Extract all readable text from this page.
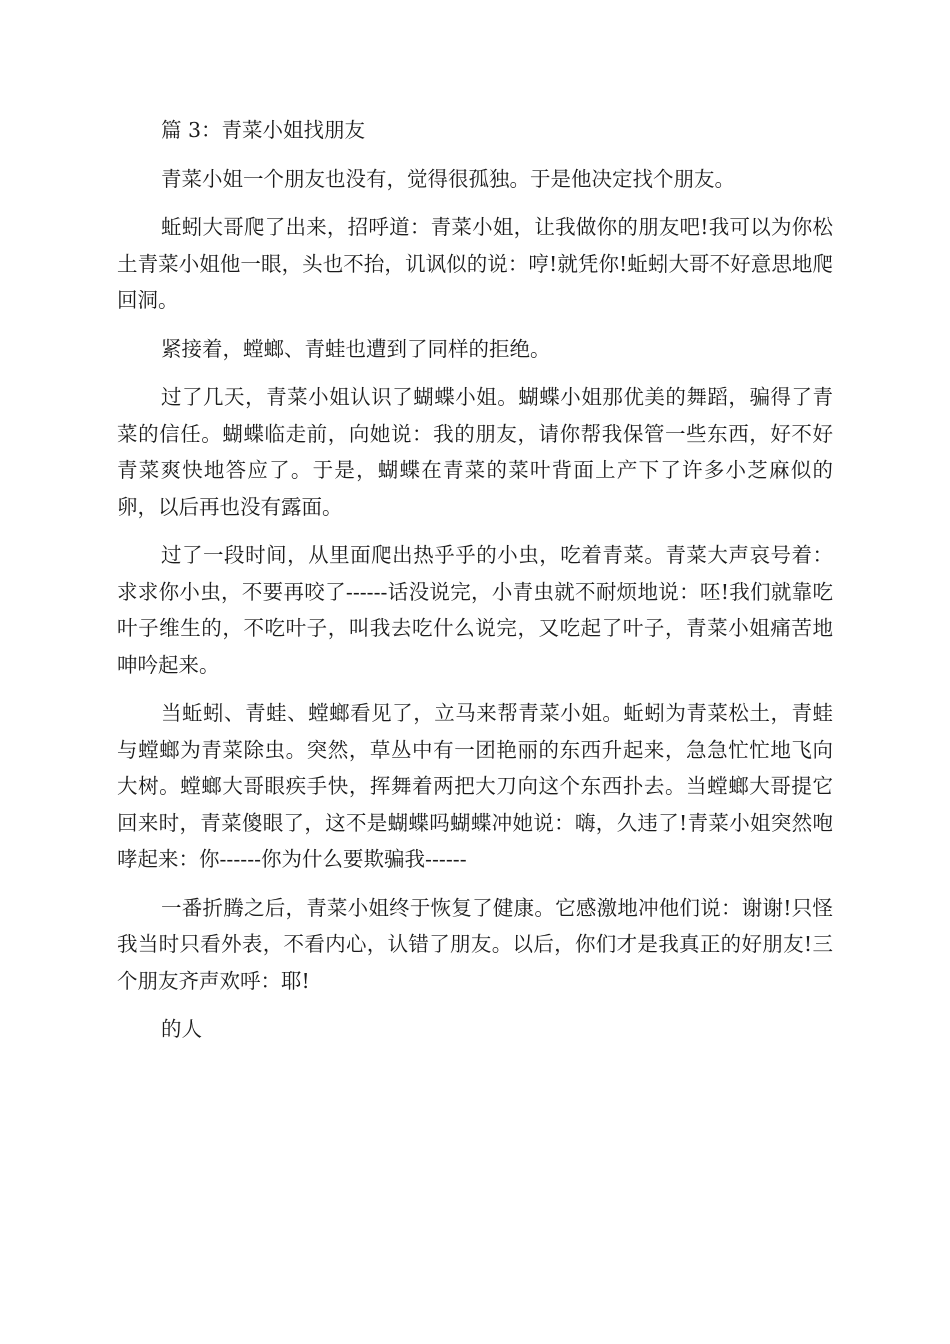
篇 3：青菜小姐找朋友

青菜小姐一个朋友也没有，觉得很孤独。于是他决定找个朋友。

蚯蚓大哥爬了出来，招呼道：青菜小姐，让我做你的朋友吧!我可以为你松土青菜小姐他一眼，头也不抬，讥讽似的说：哼!就凭你!蚯蚓大哥不好意思地爬回洞。

紧接着，螳螂、青蛙也遭到了同样的拒绝。

过了几天，青菜小姐认识了蝴蝶小姐。蝴蝶小姐那优美的舞蹈，骗得了青菜的信任。蝴蝶临走前，向她说：我的朋友，请你帮我保管一些东西，好不好青菜爽快地答应了。于是，蝴蝶在青菜的菜叶背面上产下了许多小芝麻似的卵，以后再也没有露面。

过了一段时间，从里面爬出热乎乎的小虫，吃着青菜。青菜大声哀号着：求求你小虫，不要再咬了------话没说完，小青虫就不耐烦地说：呸!我们就靠吃叶子维生的，不吃叶子，叫我去吃什么说完，又吃起了叶子，青菜小姐痛苦地呻吟起来。

当蚯蚓、青蛙、螳螂看见了，立马来帮青菜小姐。蚯蚓为青菜松土，青蛙与螳螂为青菜除虫。突然，草丛中有一团艳丽的东西升起来，急急忙忙地飞向大树。螳螂大哥眼疾手快，挥舞着两把大刀向这个东西扑去。当螳螂大哥提它回来时，青菜傻眼了，这不是蝴蝶吗蝴蝶冲她说：嗨，久违了!青菜小姐突然咆哮起来：你------你为什么要欺骗我------

一番折腾之后，青菜小姐终于恢复了健康。它感激地冲他们说：谢谢!只怪我当时只看外表，不看内心，认错了朋友。以后，你们才是我真正的好朋友!三个朋友齐声欢呼：耶!

的人
